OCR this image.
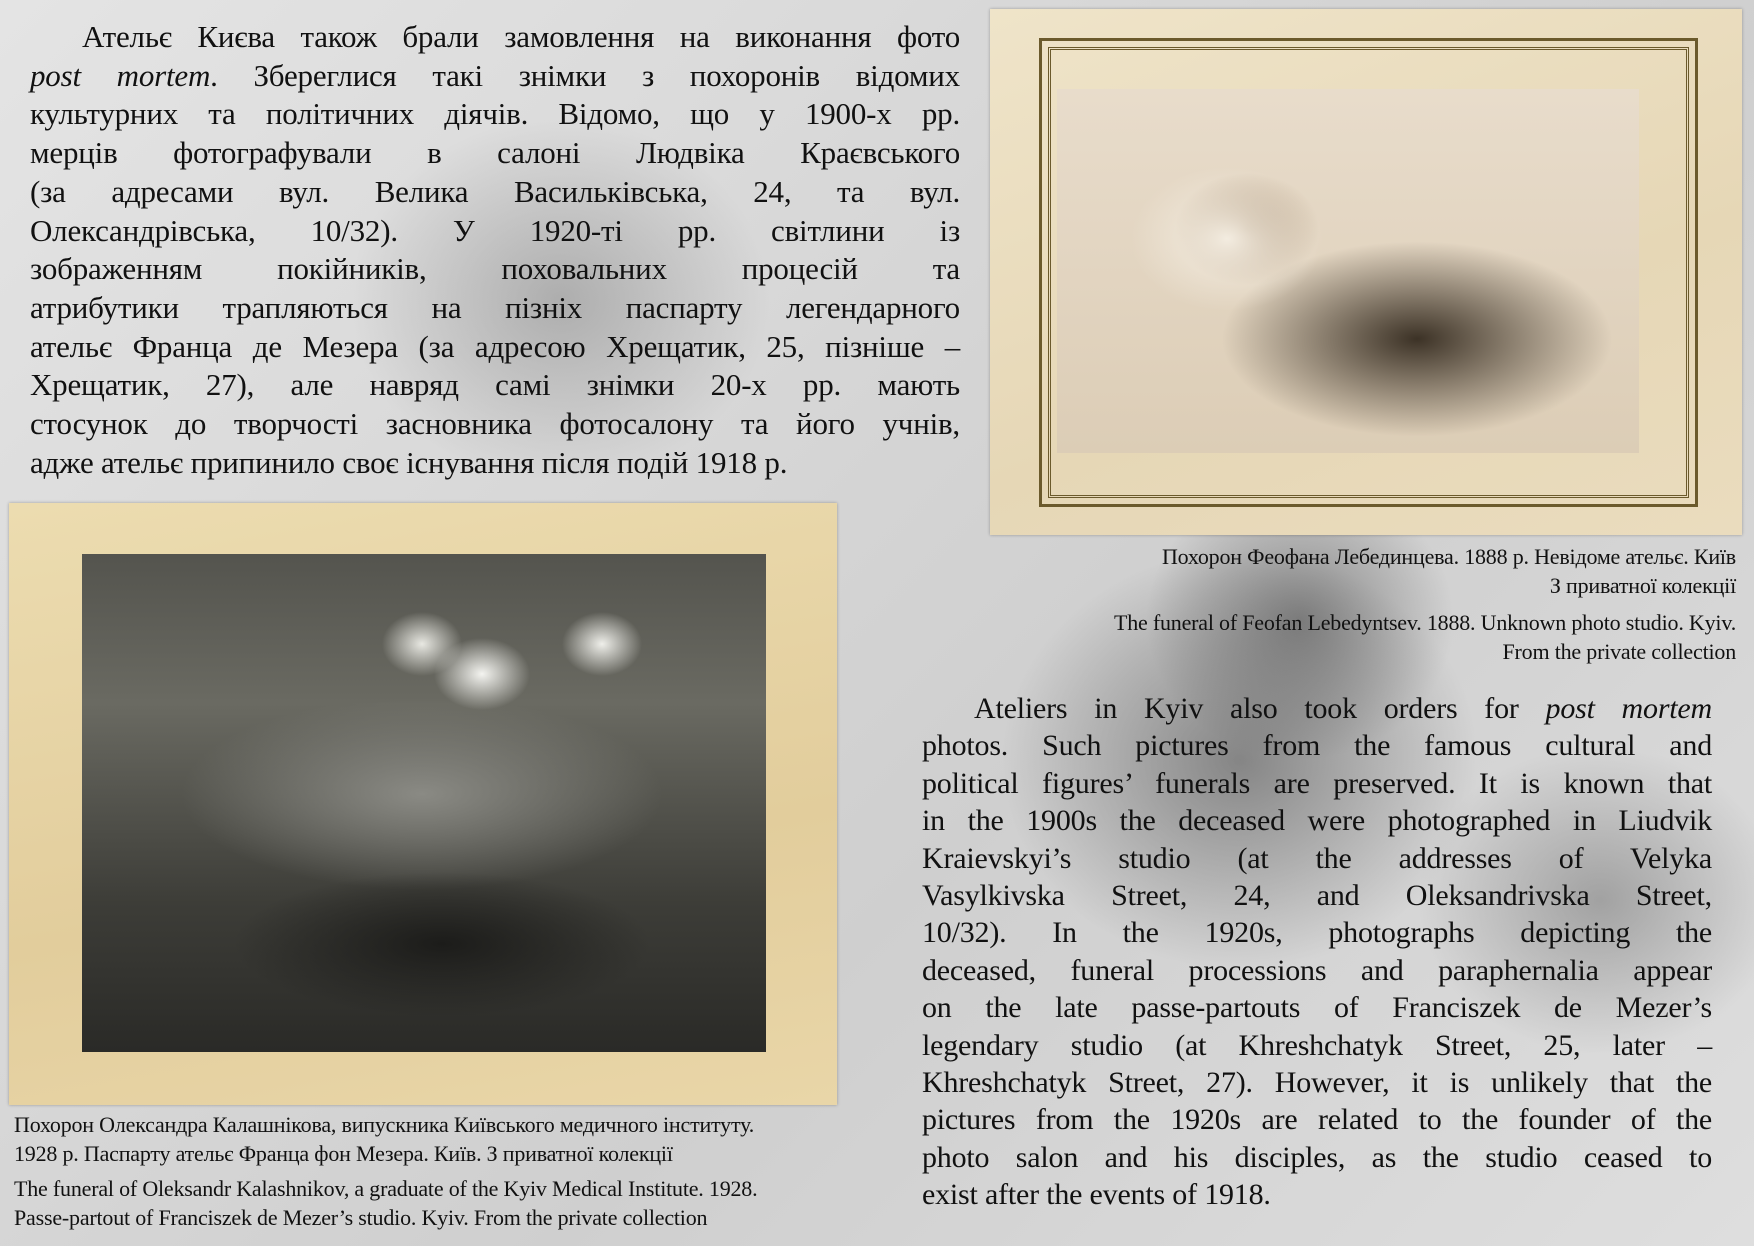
Ательє Києва також брали замовлення на виконання фото
post mortem. Збереглися такі знімки з похоронів відомих
культурних та політичних діячів. Відомо, що у 1900-х рр.
мерців фотографували в салоні Людвіка Краєвського
(за адресами вул. Велика Васильківська, 24, та вул.
Олександрівська, 10/32). У 1920-ті рр. світлини із
зображенням покійників, поховальних процесій та
атрибутики трапляються на пізніх паспарту легендарного
ательє Франца де Мезера (за адресою Хрещатик, 25, пізніше –
Хрещатик, 27), але навряд самі знімки 20-х рр. мають
стосунок до творчості засновника фотосалону та його учнів,
адже ательє припинило своє існування після подій 1918 р.
Ateliers in Kyiv also took orders for post mortem
photos. Such pictures from the famous cultural and
political figures’ funerals are preserved. It is known that
in the 1900s the deceased were photographed in Liudvik
Kraievskyi’s studio (at the addresses of Velyka
Vasylkivska Street, 24, and Oleksandrivska Street,
10/32). In the 1920s, photographs depicting the
deceased, funeral processions and paraphernalia appear
on the late passe-partouts of Franciszek de Mezer’s
legendary studio (at Khreshchatyk Street, 25, later –
Khreshchatyk Street, 27). However, it is unlikely that the
pictures from the 1920s are related to the founder of the
photo salon and his disciples, as the studio ceased to
exist after the events of 1918.
Похорон Феофана Лебединцева. 1888 р. Невідоме ательє. Київ
З приватної колекції
The funeral of Feofan Lebedyntsev. 1888. Unknown photo studio. Kyiv.
From the private collection
Похорон Олександра Калашнікова, випускника Київського медичного інституту.
1928 р. Паспарту ательє Франца фон Мезера. Київ. З приватної колекції
The funeral of Oleksandr Kalashnikov, a graduate of the Kyiv Medical Institute. 1928.
Passe-partout of Franciszek de Mezer’s studio. Kyiv. From the private collection
